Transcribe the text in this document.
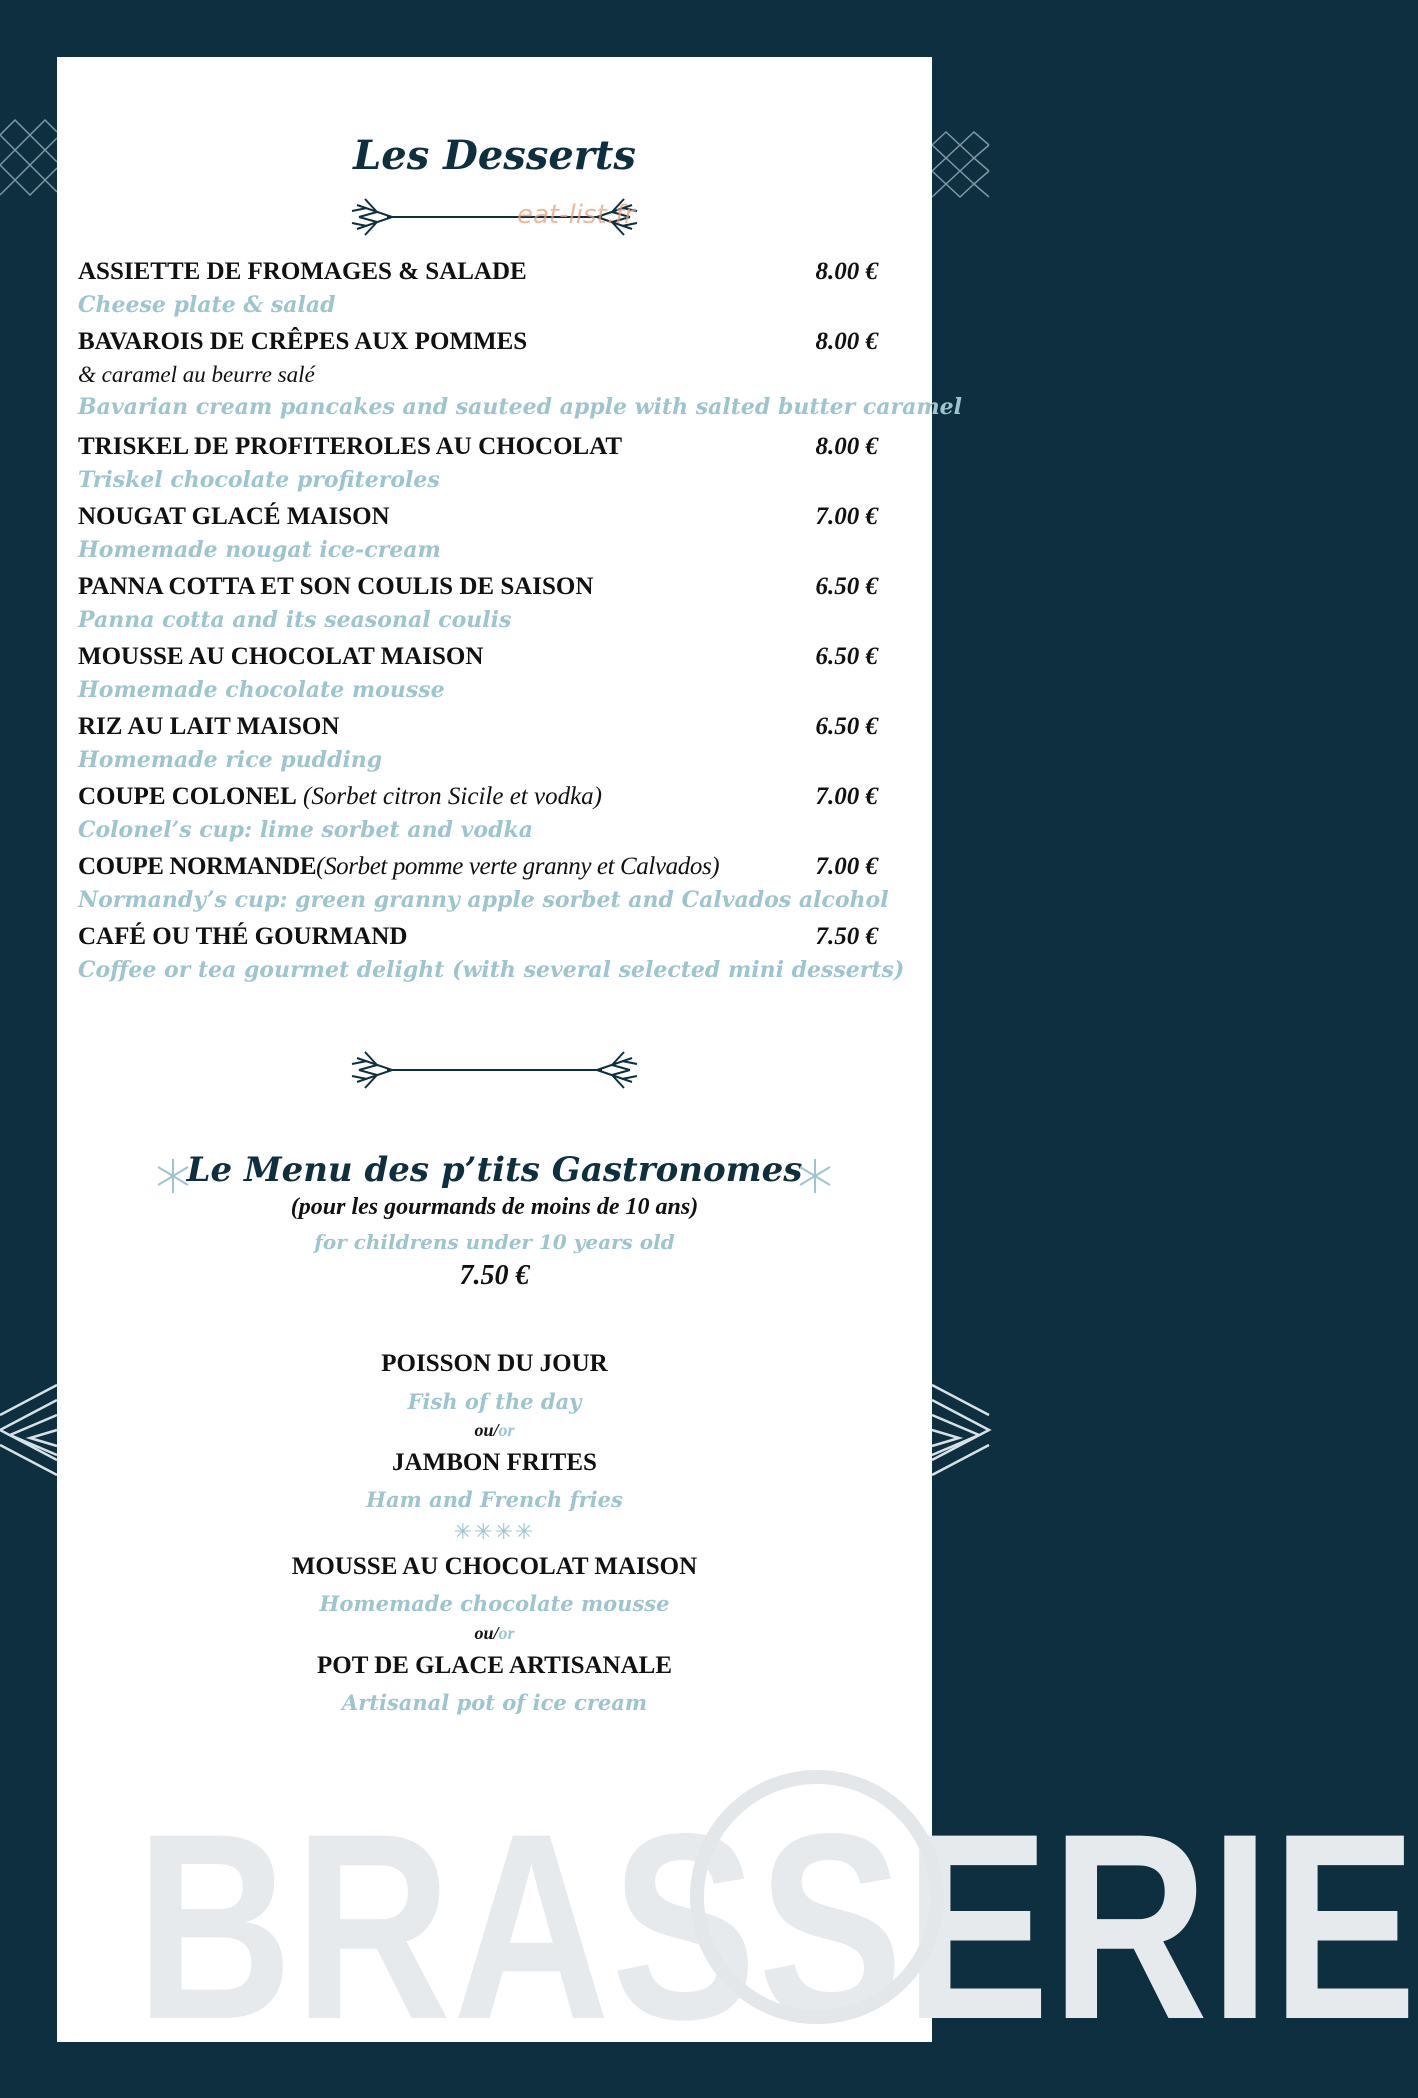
BRASSERIE
Les Desserts
eat-list.fr
ASSIETTE DE FROMAGES & SALADE	8.00 €
Cheese plate & salad
BAVAROIS DE CRÊPES AUX POMMES	8.00 €
& caramel au beurre salé
Bavarian cream pancakes and sauteed apple with salted butter caramel
TRISKEL DE PROFITEROLES AU CHOCOLAT	8.00 €
Triskel chocolate profiteroles
NOUGAT GLACÉ MAISON	7.00 €
Homemade nougat ice-cream
PANNA COTTA ET SON COULIS DE SAISON	6.50 €
Panna cotta and its seasonal coulis
MOUSSE AU CHOCOLAT MAISON	6.50 €
Homemade chocolate mousse
RIZ AU LAIT MAISON	6.50 €
Homemade rice pudding
COUPE COLONEL (Sorbet citron Sicile et vodka)	7.00 €
Colonel’s cup: lime sorbet and vodka
COUPE NORMANDE(Sorbet pomme verte granny et Calvados)	7.00 €
Normandy’s cup: green granny apple sorbet and Calvados alcohol
CAFÉ OU THÉ GOURMAND	7.50 €
Coffee or tea gourmet delight (with several selected mini desserts)
Le Menu des p’tits Gastronomes
(pour les gourmands de moins de 10 ans)
for childrens under 10 years old
7.50 €
POISSON DU JOUR
Fish of the day
ou/or
JAMBON FRITES
Ham and French fries
✳✳✳✳
MOUSSE AU CHOCOLAT MAISON
Homemade chocolate mousse
ou/or
POT DE GLACE ARTISANALE
Artisanal pot of ice cream
